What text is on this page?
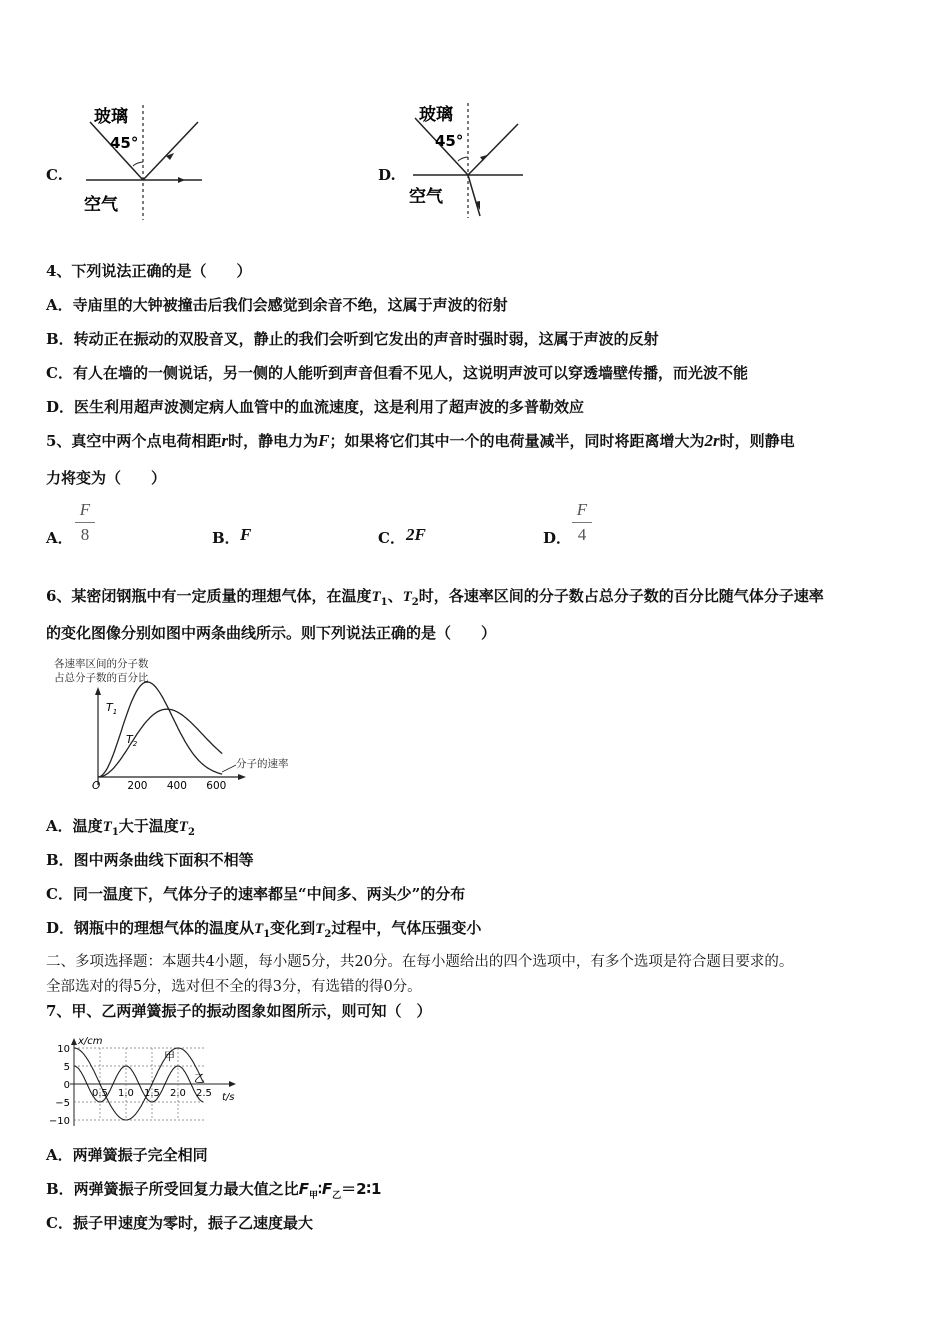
C.
玻璃
45°
空气
D.
玻璃
45°
空气
4、下列说法正确的是（　　）
A．寺庙里的大钟被撞击后我们会感觉到余音不绝，这属于声波的衍射
B．转动正在振动的双股音叉，静止的我们会听到它发出的声音时强时弱，这属于声波的反射
C．有人在墙的一侧说话，另一侧的人能听到声音但看不见人，这说明声波可以穿透墙壁传播，而光波不能
D．医生利用超声波测定病人血管中的血流速度，这是利用了超声波的多普勒效应
5、真空中两个点电荷相距r时，静电力为F；如果将它们其中一个的电荷量减半，同时将距离增大为2r时，则静电
力将变为（　　）
A．
F
8	B． F	C． 2F	D．
F
4
6、某密闭钢瓶中有一定质量的理想气体，在温度$T_1$、$T_2$时，各速率区间的分子数占总分子数的百分比随气体分子速率
的变化图像分别如图中两条曲线所示。则下列说法正确的是（　　）
各速率区间的分子数
占总分子数的百分比
分子的速率
$T_1$
$T_2$
O	200 400 600
A．温度$T_1$大于温度$T_2$
B．图中两条曲线下面积不相等
C．同一温度下，气体分子的速率都呈“中间多、两头少”的分布
D．钢瓶中的理想气体的温度从$T_1$变化到$T_2$过程中，气体压强变小
二、多项选择题：本题共4小题，每小题5分，共20分。在每小题给出的四个选项中，有多个选项是符合题目要求的。
全部选对的得5分，选对但不全的得3分，有选错的得0分。
7、甲、乙两弹簧振子的振动图象如图所示，则可知（　）
x/cm
t/s
甲
乙
10
5
0
−5
−10
0.5 1.0 1.5 2.0 2.5
A．两弹簧振子完全相同
B．两弹簧振子所受回复力最大值之比$F_甲∶F_乙=2∶1$
C．振子甲速度为零时，振子乙速度最大
